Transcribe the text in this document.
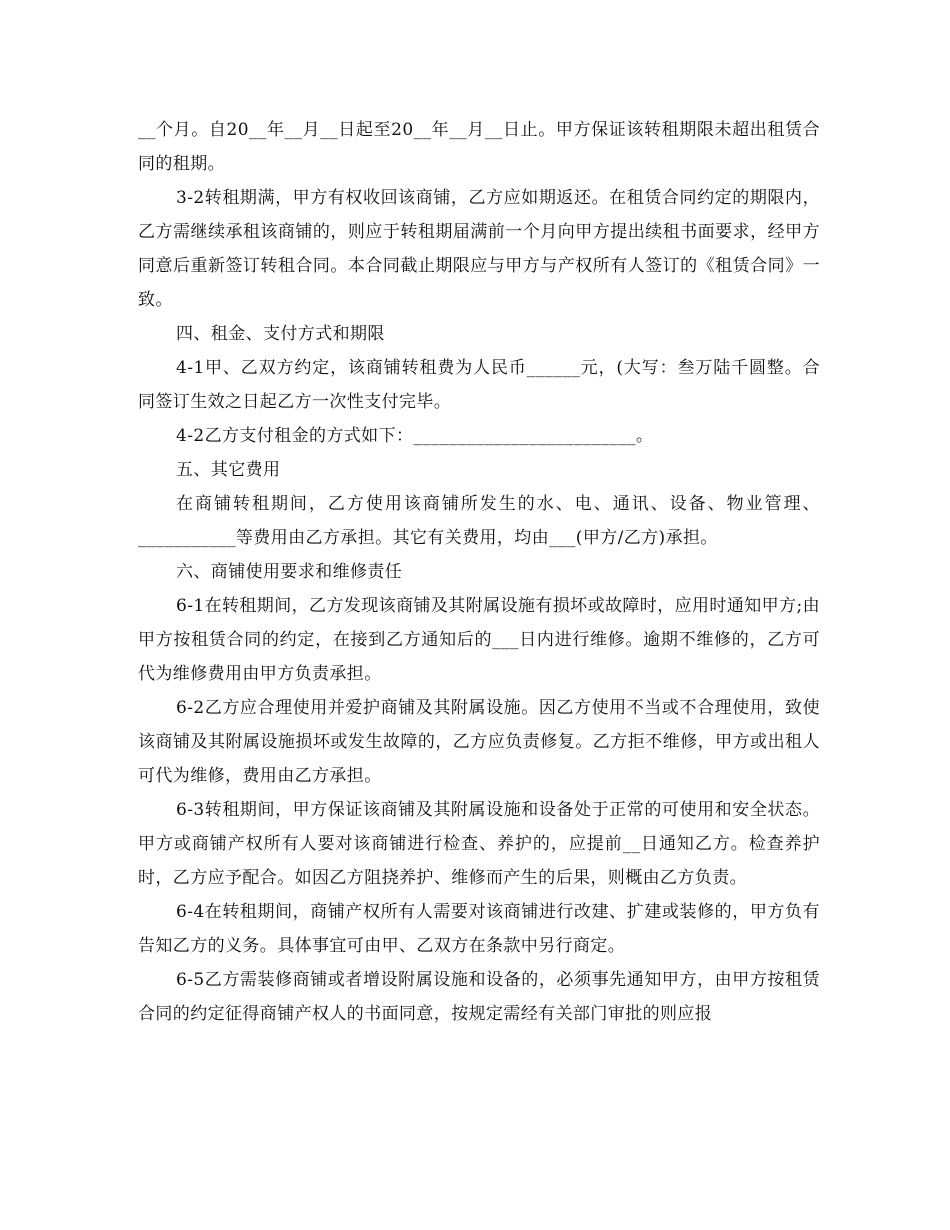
__个月。自20__年__月__日起至20__年__月__日止。甲方保证该转租期限未超出租赁合同的租期。

3-2转租期满，甲方有权收回该商铺，乙方应如期返还。在租赁合同约定的期限内，乙方需继续承租该商铺的，则应于转租期届满前一个月向甲方提出续租书面要求，经甲方同意后重新签订转租合同。本合同截止期限应与甲方与产权所有人签订的《租赁合同》一致。

四、租金、支付方式和期限

4-1甲、乙双方约定，该商铺转租费为人民币______元，(大写：叁万陆千圆整。合同签订生效之日起乙方一次性支付完毕。

4-2乙方支付租金的方式如下：_________________________。

五、其它费用

在商铺转租期间，乙方使用该商铺所发生的水、电、通讯、设备、物业管理、___________等费用由乙方承担。其它有关费用，均由___(甲方/乙方)承担。

六、商铺使用要求和维修责任

6-1在转租期间，乙方发现该商铺及其附属设施有损坏或故障时，应用时通知甲方;由甲方按租赁合同的约定，在接到乙方通知后的___日内进行维修。逾期不维修的，乙方可代为维修费用由甲方负责承担。

6-2乙方应合理使用并爱护商铺及其附属设施。因乙方使用不当或不合理使用，致使该商铺及其附属设施损坏或发生故障的，乙方应负责修复。乙方拒不维修，甲方或出租人可代为维修，费用由乙方承担。

6-3转租期间，甲方保证该商铺及其附属设施和设备处于正常的可使用和安全状态。甲方或商铺产权所有人要对该商铺进行检查、养护的，应提前__日通知乙方。检查养护时，乙方应予配合。如因乙方阻挠养护、维修而产生的后果，则概由乙方负责。

6-4在转租期间，商铺产权所有人需要对该商铺进行改建、扩建或装修的，甲方负有告知乙方的义务。具体事宜可由甲、乙双方在条款中另行商定。

6-5乙方需装修商铺或者增设附属设施和设备的，必须事先通知甲方，由甲方按租赁合同的约定征得商铺产权人的书面同意，按规定需经有关部门审批的则应报
